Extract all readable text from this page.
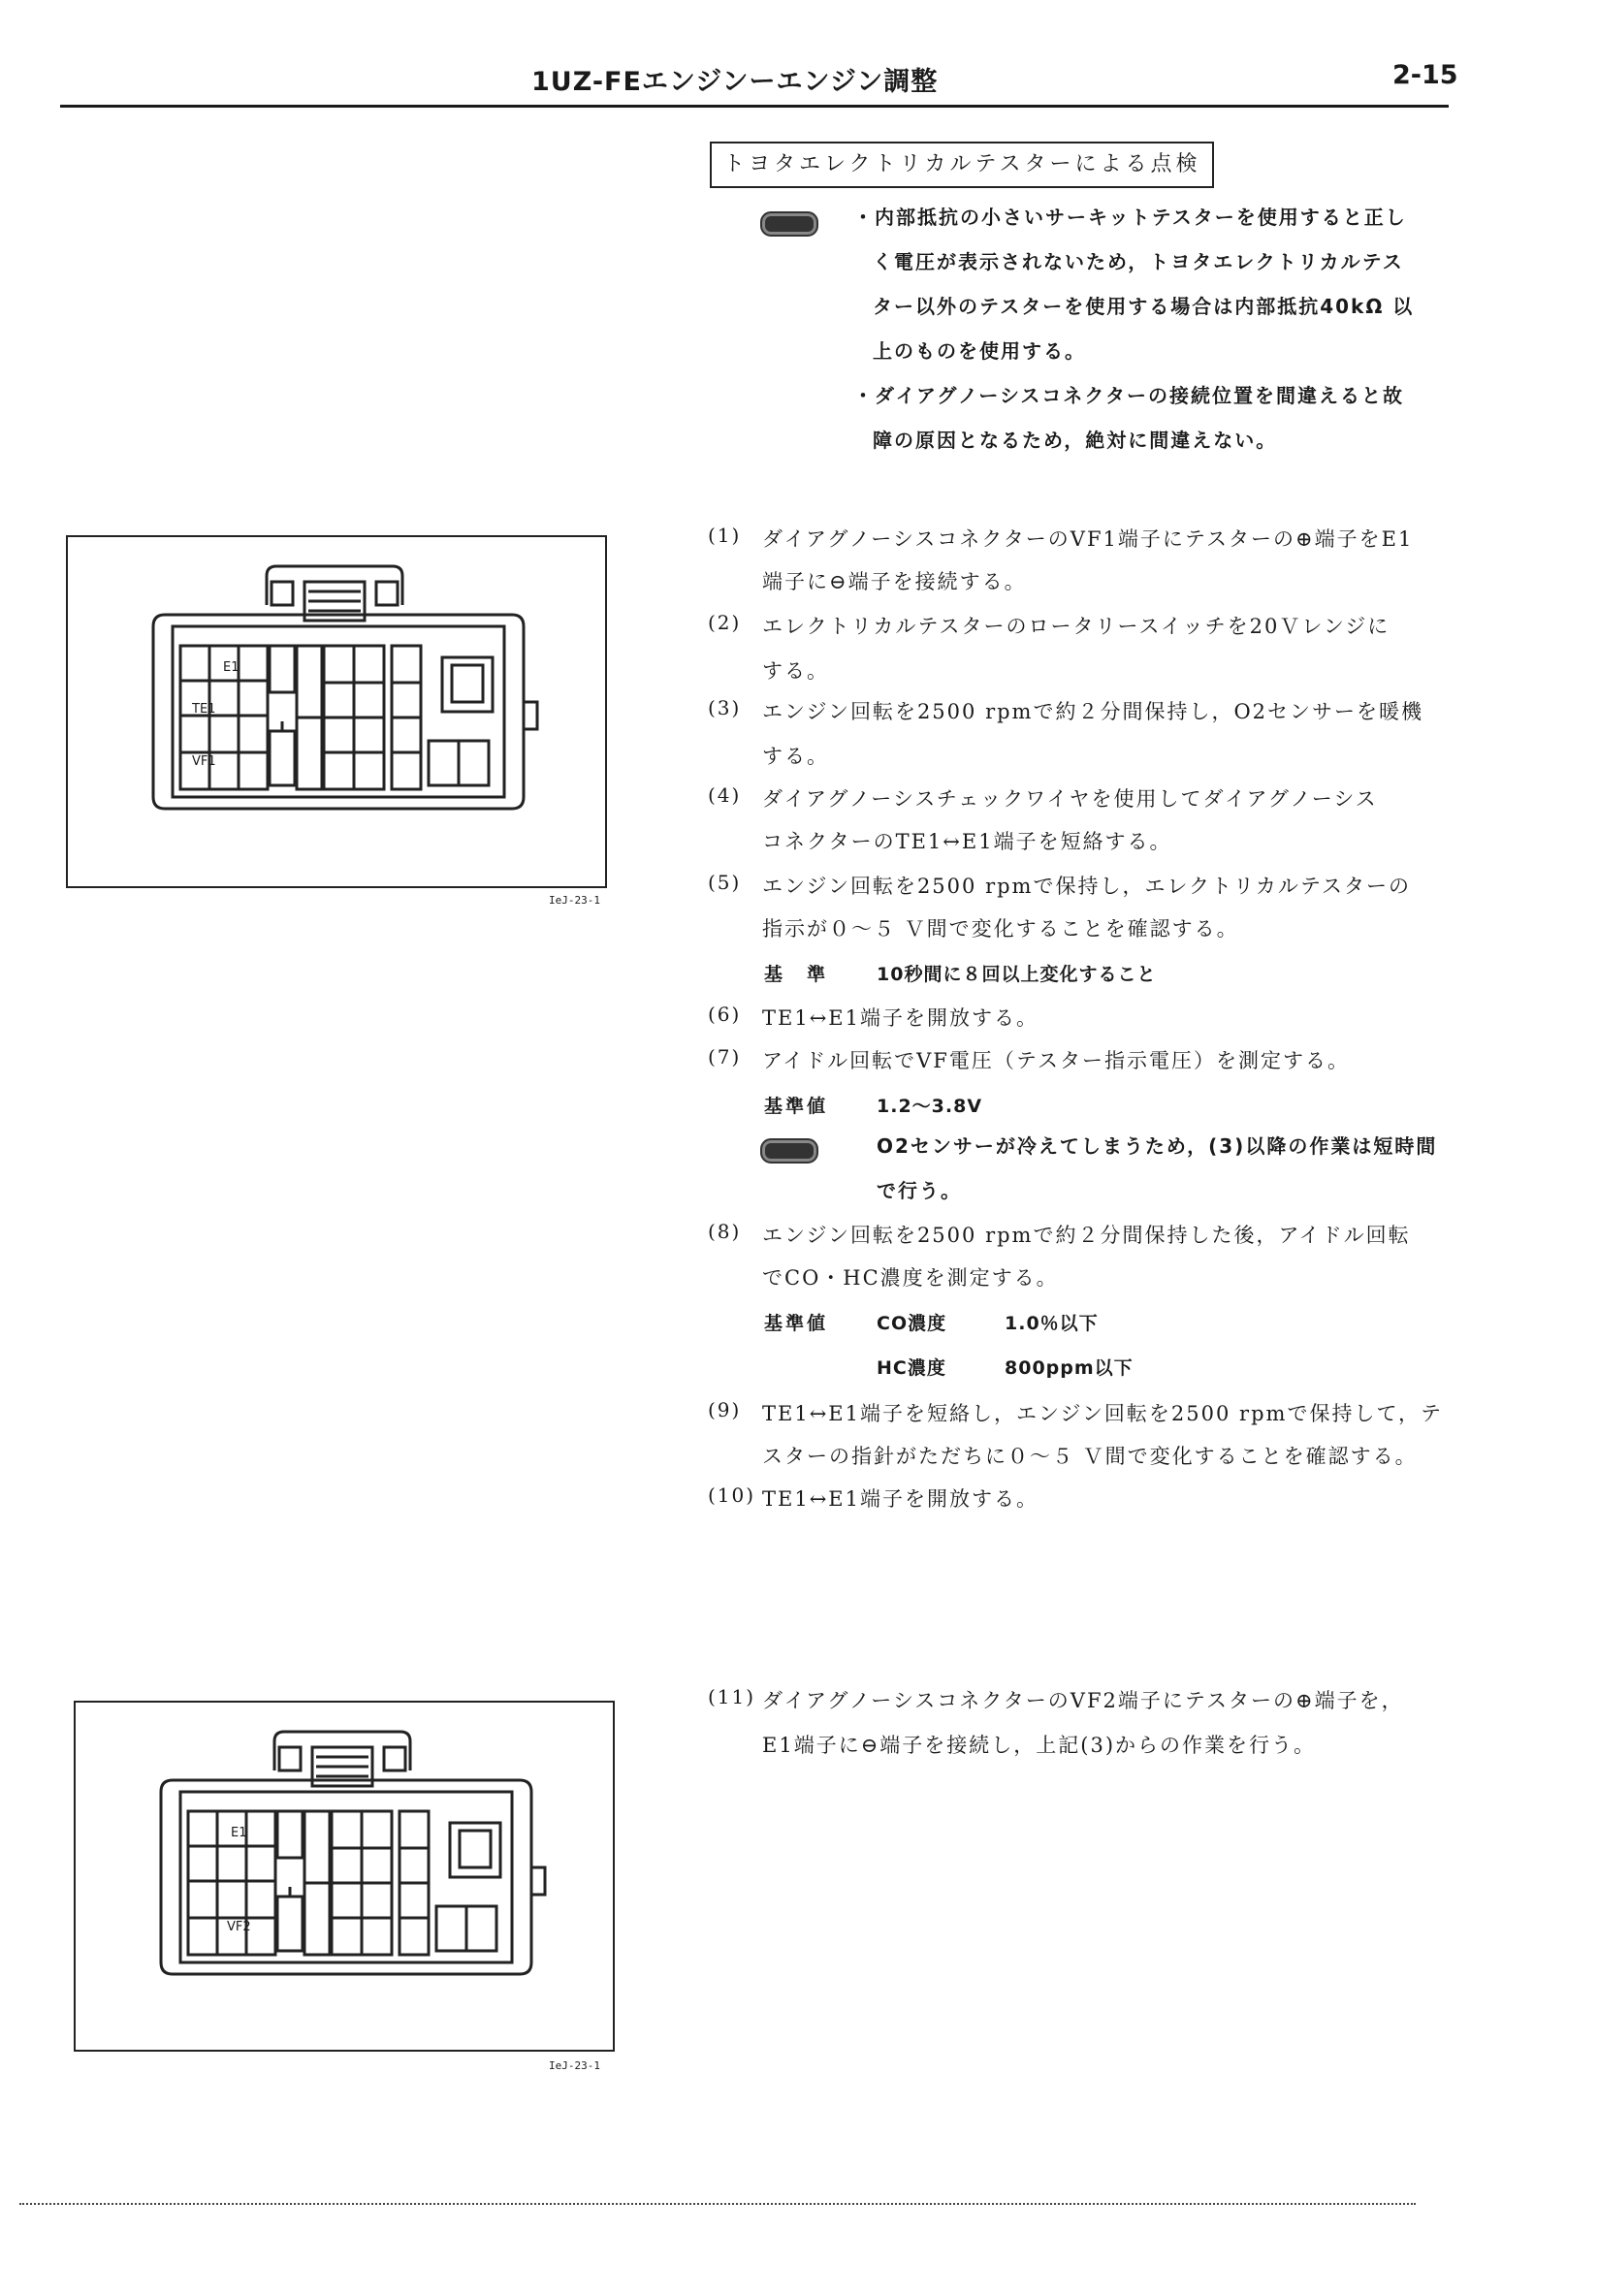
1UZ-FEエンジンーエンジン調整	2-15
トヨタエレクトリカルテスターによる点検
・内部抵抗の小さいサーキットテスターを使用すると正し
く電圧が表示されないため，トヨタエレクトリカルテス
ター以外のテスターを使用する場合は内部抵抗40kΩ 以
上のものを使用する。
・ダイアグノーシスコネクターの接続位置を間違えると故
障の原因となるため，絶対に間違えない。
(1) ダイアグノーシスコネクターのVF1端子にテスターの⊕端子をE1
端子に⊖端子を接続する。
(2) エレクトリカルテスターのロータリースイッチを20Ｖレンジに
する。
(3) エンジン回転を2500 rpmで約２分間保持し，O2センサーを暖機
する。
(4) ダイアグノーシスチェックワイヤを使用してダイアグノーシス
コネクターのTE1↔E1端子を短絡する。
(5) エンジン回転を2500 rpmで保持し，エレクトリカルテスターの
指示が０～５ Ｖ間で変化することを確認する。
基　準	10秒間に８回以上変化すること
(6) TE1↔E1端子を開放する。
(7) アイドル回転でVF電圧（テスター指示電圧）を測定する。
基準値	1.2～3.8V
O2センサーが冷えてしまうため，(3)以降の作業は短時間
で行う。
(8) エンジン回転を2500 rpmで約２分間保持した後，アイドル回転
でCO・HC濃度を測定する。
基準値	CO濃度	1.0％以下
HC濃度	800ppm以下
(9) TE1↔E1端子を短絡し，エンジン回転を2500 rpmで保持して，テ
スターの指針がただちに０～５ Ｖ間で変化することを確認する。
(10) TE1↔E1端子を開放する。
(11) ダイアグノーシスコネクターのVF2端子にテスターの⊕端子を，
E1端子に⊖端子を接続し，上記(3)からの作業を行う。
E1
TE1
VF1
IeJ-23-1
E1
VF2
IeJ-23-1
